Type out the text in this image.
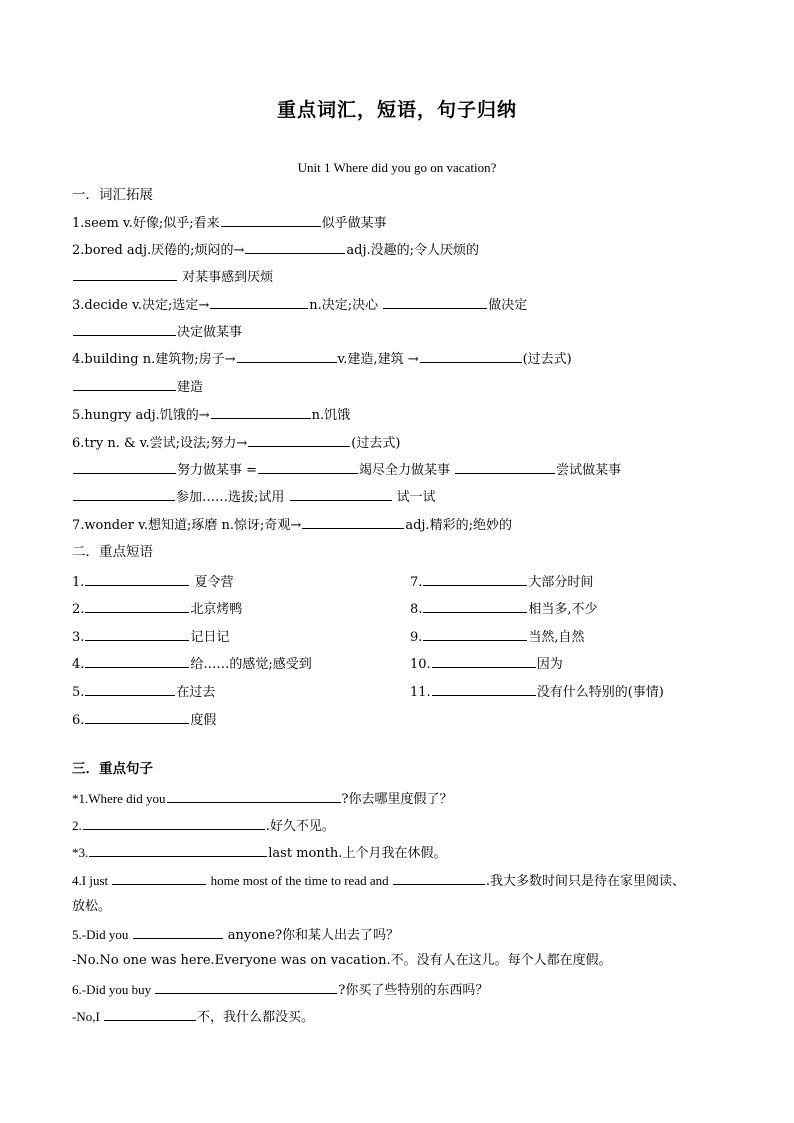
重点词汇，短语，句子归纳
Unit 1 Where did you go on vacation?
一．词汇拓展
1.seem v.好像;似乎;看来	似乎做某事
2.bored adj.厌倦的;烦闷的→	adj.没趣的;令人厌烦的
对某事感到厌烦
3.decide v.决定;选定→	n.决定;决心	做决定
决定做某事
4.building n.建筑物;房子→	v.建造,建筑 →	(过去式)
建造
5.hungry adj.饥饿的→	n.饥饿
6.try n. & v.尝试;设法;努力→	(过去式)
努力做某事 =	竭尽全力做某事	尝试做某事
参加……选拔;试用	试一试
7.wonder v.想知道;琢磨 n.惊讶;奇观→	adj.精彩的;绝妙的
二．重点短语
1.	夏令营
2.	北京烤鸭
3.	记日记
4.	给……的感觉;感受到
5.	在过去
6.	度假
7.	大部分时间
8.	相当多,不少
9.	当然,自然
10.	因为
11.	没有什么特别的(事情)
三．重点句子
*1.Where did you	?你去哪里度假了？
2.	.好久不见。
*3.	last month.上个月我在休假。
4.I just	home most of the time to read and	.我大多数时间只是待在家里阅读、
放松。
5.-Did you	anyone?你和某人出去了吗？
-No.No one was here.Everyone was on vacation.不。没有人在这儿。每个人都在度假。
6.-Did you buy	?你买了些特别的东西吗？
-No,I	不，我什么都没买。
